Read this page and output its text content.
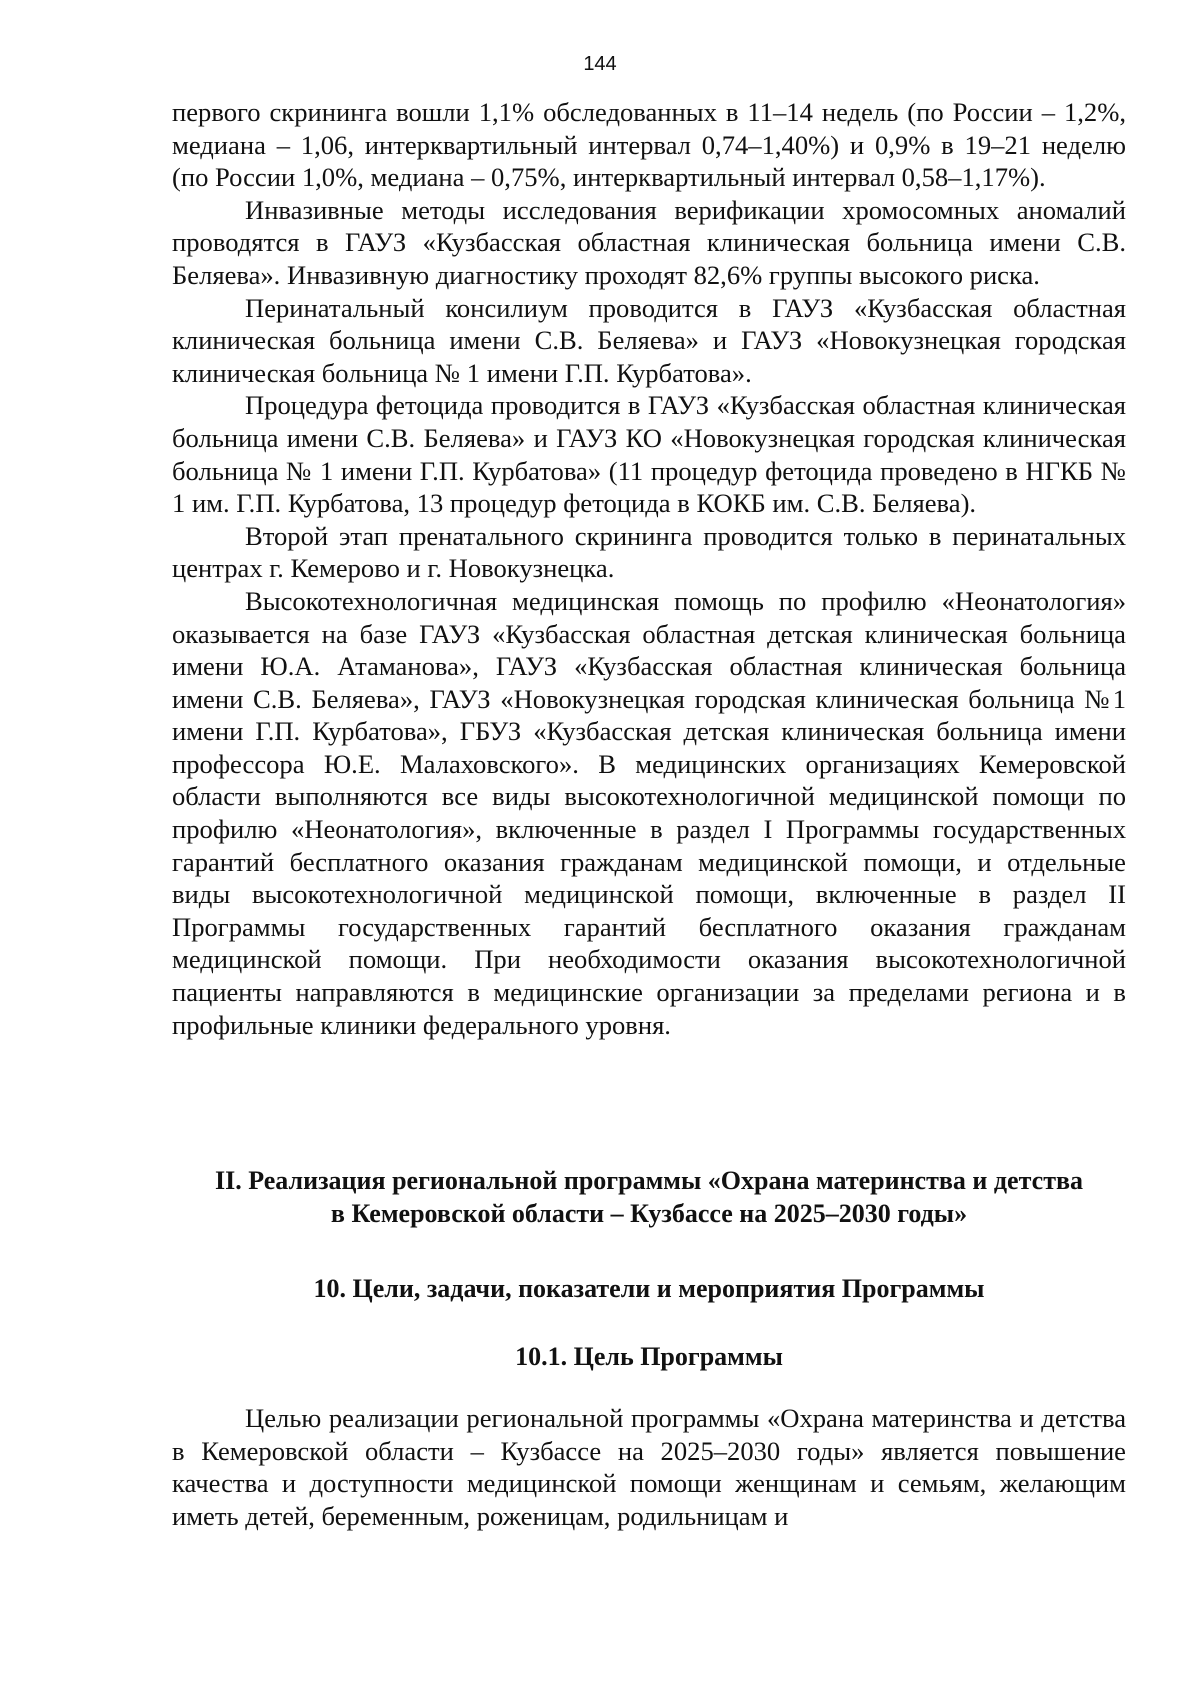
144

первого скрининга вошли 1,1% обследованных в 11–14 недель (по России – 1,2%, медиана – 1,06, интерквартильный интервал 0,74–1,40%) и 0,9% в 19–21 неделю (по России 1,0%, медиана – 0,75%, интерквартильный интервал 0,58–1,17%).

Инвазивные методы исследования верификации хромосомных аномалий проводятся в ГАУЗ «Кузбасская областная клиническая больница имени С.В. Беляева». Инвазивную диагностику проходят 82,6% группы высокого риска.

Перинатальный консилиум проводится в ГАУЗ «Кузбасская областная клиническая больница имени С.В. Беляева» и ГАУЗ «Новокузнецкая городская клиническая больница № 1 имени Г.П. Курбатова».

Процедура фетоцида проводится в ГАУЗ «Кузбасская областная клиническая больница имени С.В. Беляева» и ГАУЗ КО «Новокузнецкая городская клиническая больница № 1 имени Г.П. Курбатова» (11 процедур фетоцида проведено в НГКБ № 1 им. Г.П. Курбатова, 13 процедур фетоцида в КОКБ им. С.В. Беляева).

Второй этап пренатального скрининга проводится только в перинатальных центрах г. Кемерово и г. Новокузнецка.

Высокотехнологичная медицинская помощь по профилю «Неонатология» оказывается на базе ГАУЗ «Кузбасская областная детская клиническая больница имени Ю.А. Атаманова», ГАУЗ «Кузбасская областная клиническая больница имени С.В. Беляева», ГАУЗ «Новокузнецкая городская клиническая больница №1 имени Г.П. Курбатова», ГБУЗ «Кузбасская детская клиническая больница имени профессора Ю.Е. Малаховского». В медицинских организациях Кемеровской области выполняются все виды высокотехнологичной медицинской помощи по профилю «Неонатология», включенные в раздел I Программы государственных гарантий бесплатного оказания гражданам медицинской помощи, и отдельные виды высокотехнологичной медицинской помощи, включенные в раздел II Программы государственных гарантий бесплатного оказания гражданам медицинской помощи. При необходимости оказания высокотехнологичной пациенты направляются в медицинские организации за пределами региона и в профильные клиники федерального уровня.

II. Реализация региональной программы «Охрана материнства и детства
в Кемеровской области – Кузбассе на 2025–2030 годы»
10. Цели, задачи, показатели и мероприятия Программы
10.1. Цель Программы

Целью реализации региональной программы «Охрана материнства и детства в Кемеровской области – Кузбассе на 2025–2030 годы» является повышение качества и доступности медицинской помощи женщинам и семьям, желающим иметь детей, беременным, роженицам, родильницам и
